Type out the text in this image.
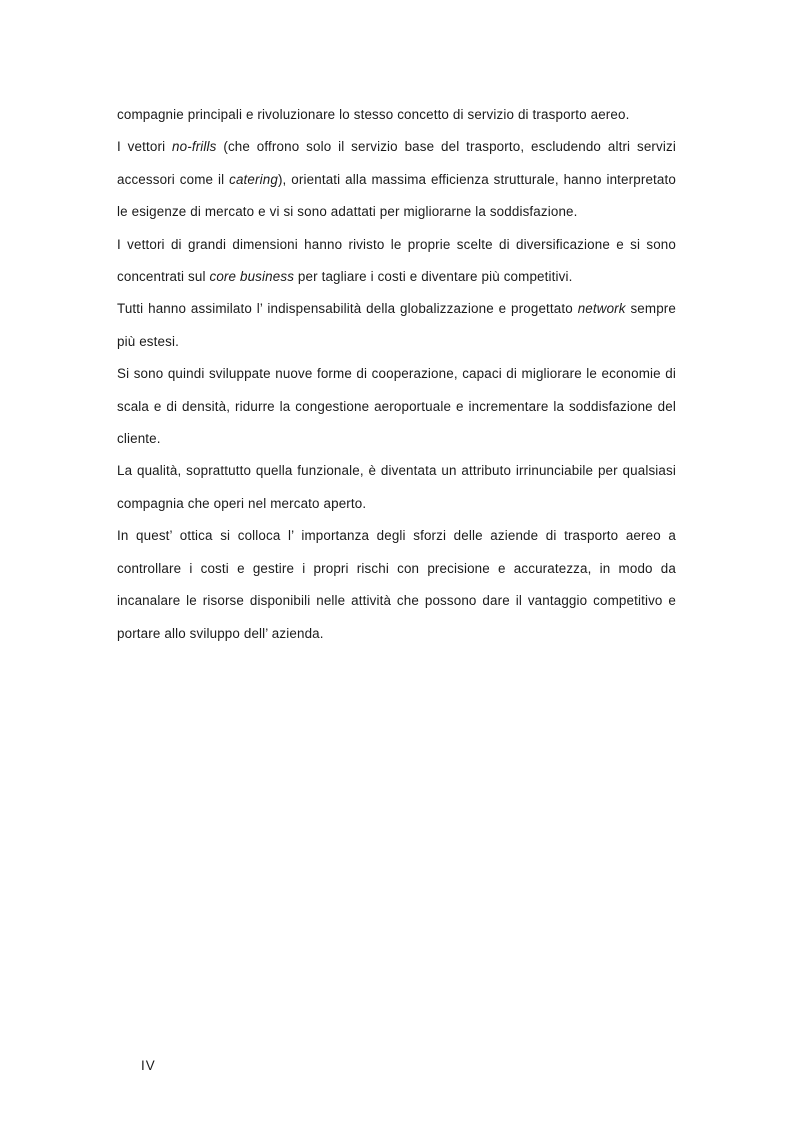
compagnie principali e rivoluzionare lo stesso concetto di servizio di trasporto aereo.

I vettori no-frills (che offrono solo il servizio base del trasporto, escludendo altri servizi accessori come il catering), orientati alla massima efficienza strutturale, hanno interpretato le esigenze di mercato e vi si sono adattati per migliorarne la soddisfazione.

I vettori di grandi dimensioni hanno rivisto le proprie scelte di diversificazione e si sono concentrati sul core business per tagliare i costi e diventare più competitivi.

Tutti hanno assimilato l’ indispensabilità della globalizzazione e progettato network sempre più estesi.

Si sono quindi sviluppate nuove forme di cooperazione, capaci di migliorare le economie di scala e di densità, ridurre la congestione aeroportuale e incrementare la soddisfazione del cliente.

La qualità, soprattutto quella funzionale, è diventata un attributo irrinunciabile per qualsiasi compagnia che operi nel mercato aperto.

In quest’ ottica si colloca l’ importanza degli sforzi delle aziende di trasporto aereo a controllare i costi e gestire i propri rischi con precisione e accuratezza, in modo da incanalare le risorse disponibili nelle attività che possono dare il vantaggio competitivo e portare allo sviluppo dell’ azienda.

IV
